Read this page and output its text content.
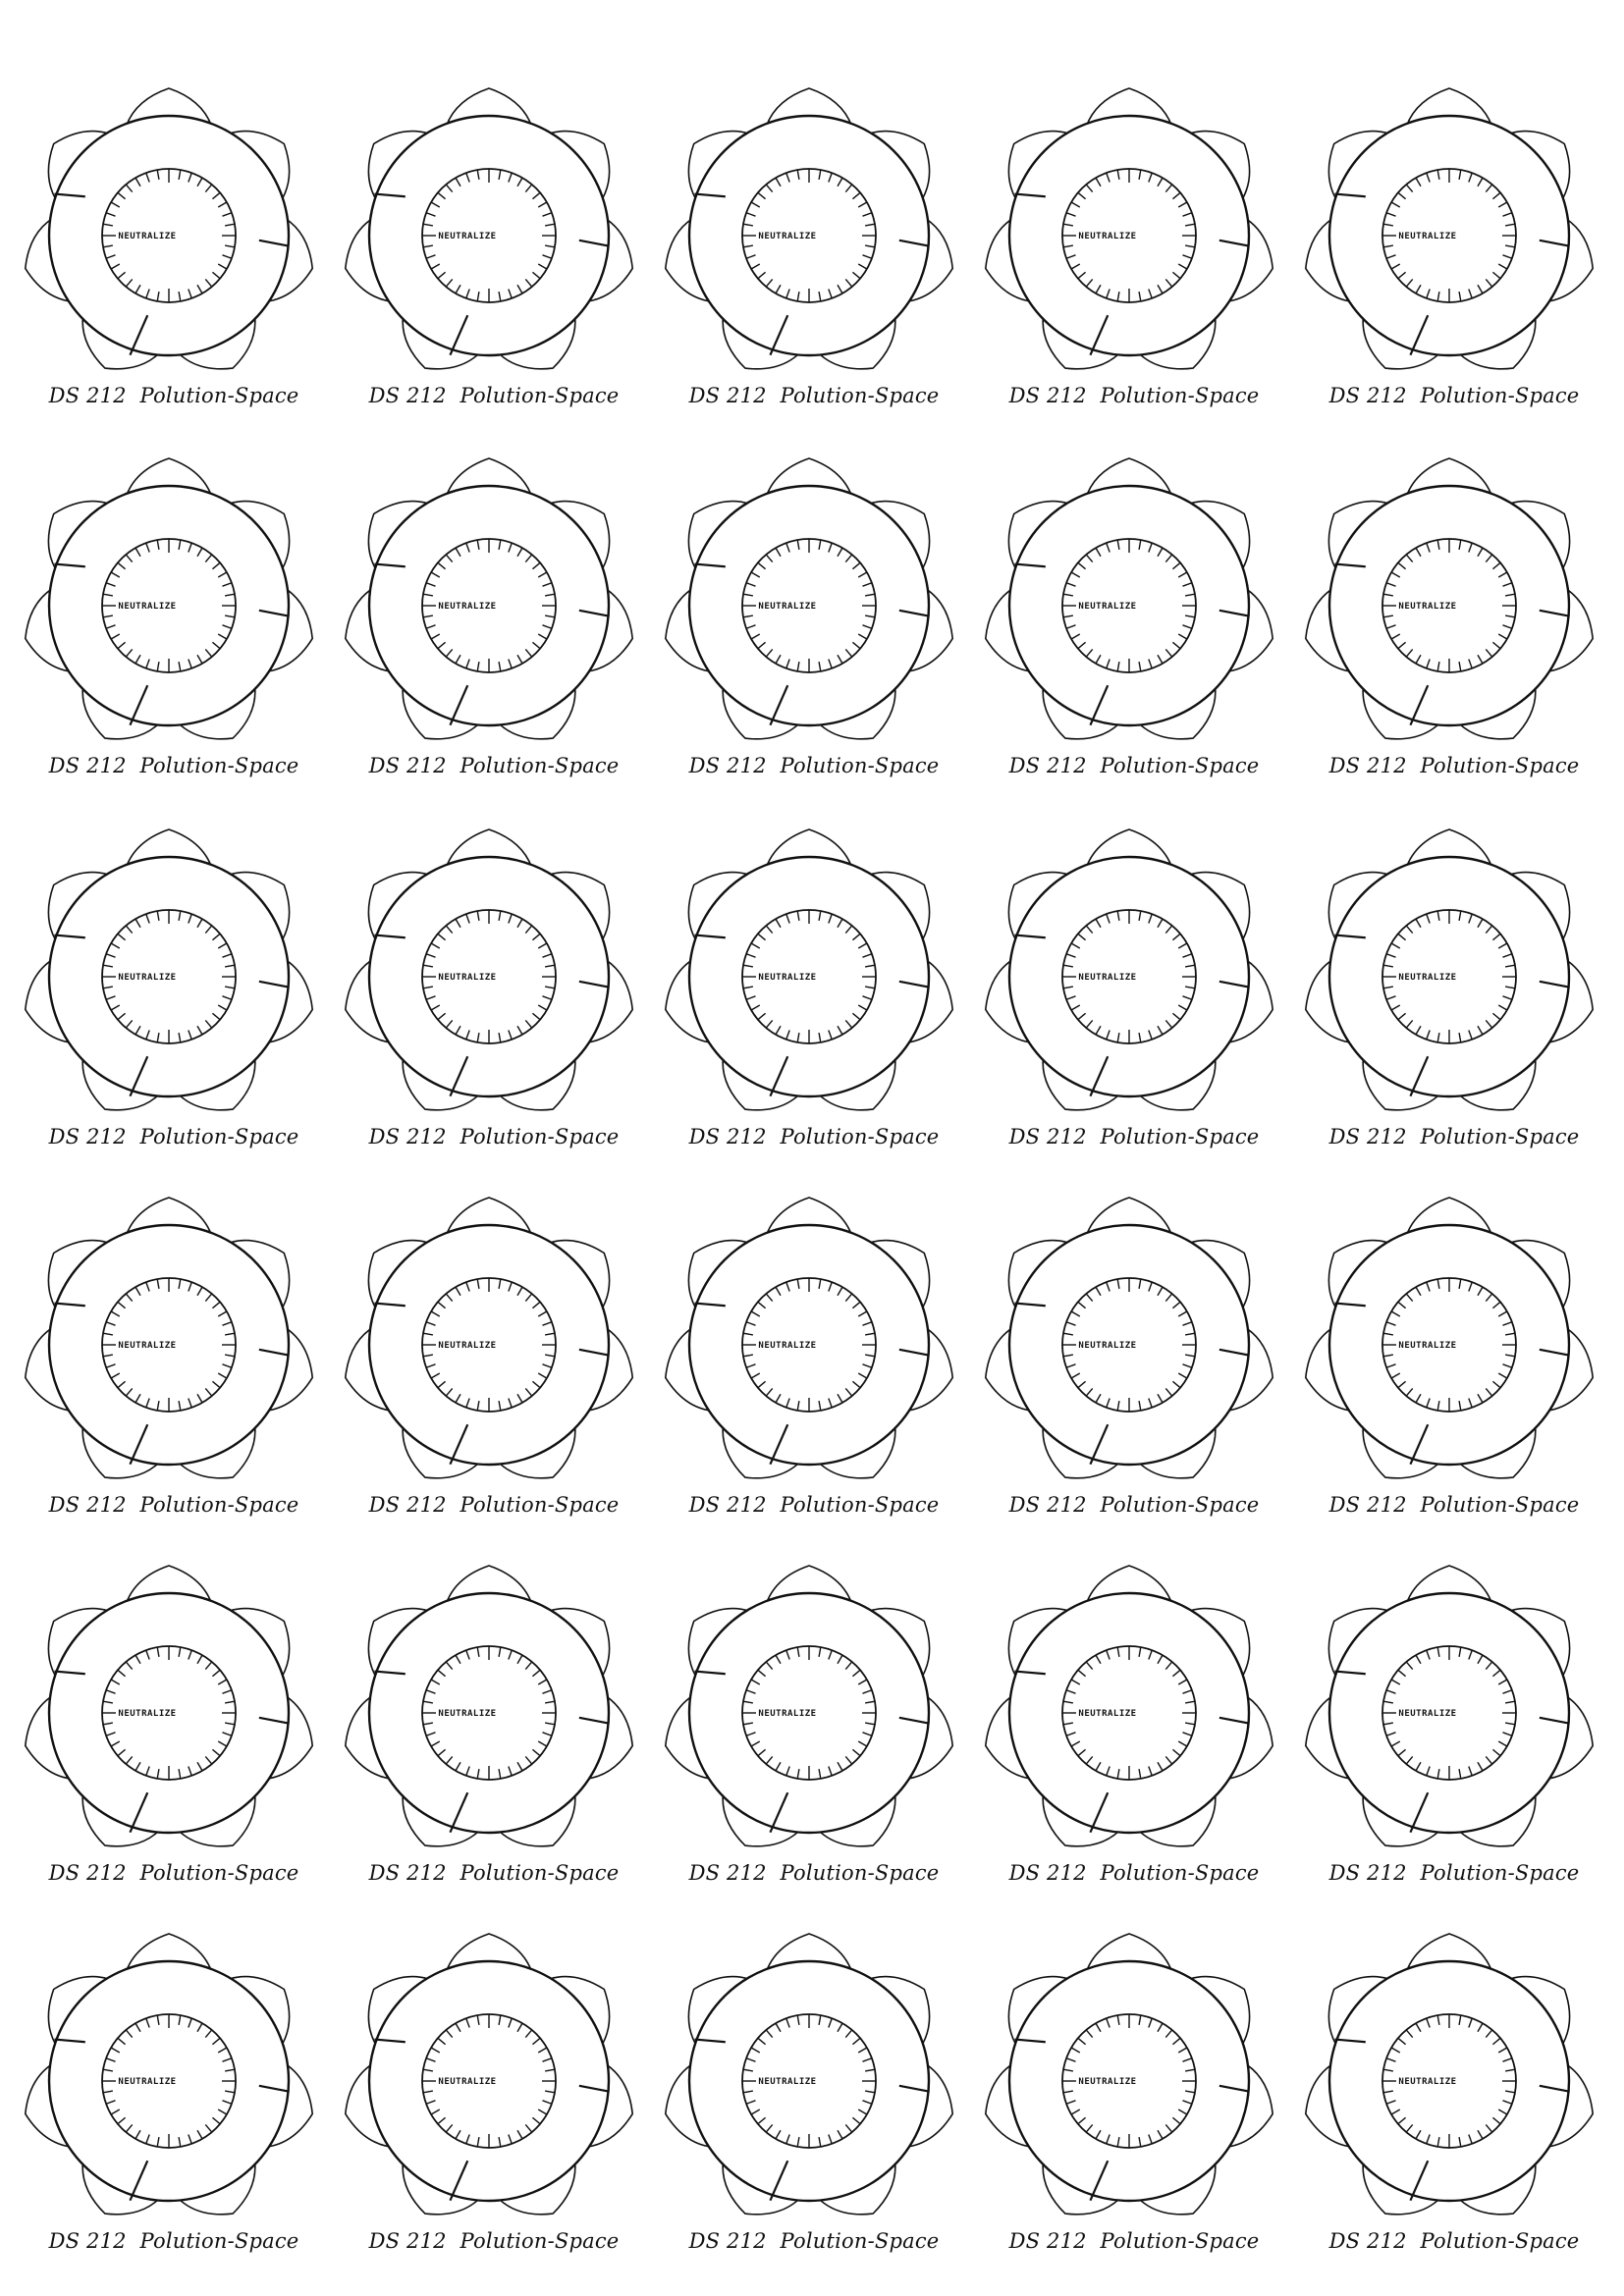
NEUTRALIZE
DS 212  Polution-Space
NEUTRALIZE
DS 212  Polution-Space
NEUTRALIZE
DS 212  Polution-Space
NEUTRALIZE
DS 212  Polution-Space
NEUTRALIZE
DS 212  Polution-Space
NEUTRALIZE
DS 212  Polution-Space
NEUTRALIZE
DS 212  Polution-Space
NEUTRALIZE
DS 212  Polution-Space
NEUTRALIZE
DS 212  Polution-Space
NEUTRALIZE
DS 212  Polution-Space
NEUTRALIZE
DS 212  Polution-Space
NEUTRALIZE
DS 212  Polution-Space
NEUTRALIZE
DS 212  Polution-Space
NEUTRALIZE
DS 212  Polution-Space
NEUTRALIZE
DS 212  Polution-Space
NEUTRALIZE
DS 212  Polution-Space
NEUTRALIZE
DS 212  Polution-Space
NEUTRALIZE
DS 212  Polution-Space
NEUTRALIZE
DS 212  Polution-Space
NEUTRALIZE
DS 212  Polution-Space
NEUTRALIZE
DS 212  Polution-Space
NEUTRALIZE
DS 212  Polution-Space
NEUTRALIZE
DS 212  Polution-Space
NEUTRALIZE
DS 212  Polution-Space
NEUTRALIZE
DS 212  Polution-Space
NEUTRALIZE
DS 212  Polution-Space
NEUTRALIZE
DS 212  Polution-Space
NEUTRALIZE
DS 212  Polution-Space
NEUTRALIZE
DS 212  Polution-Space
NEUTRALIZE
DS 212  Polution-Space
